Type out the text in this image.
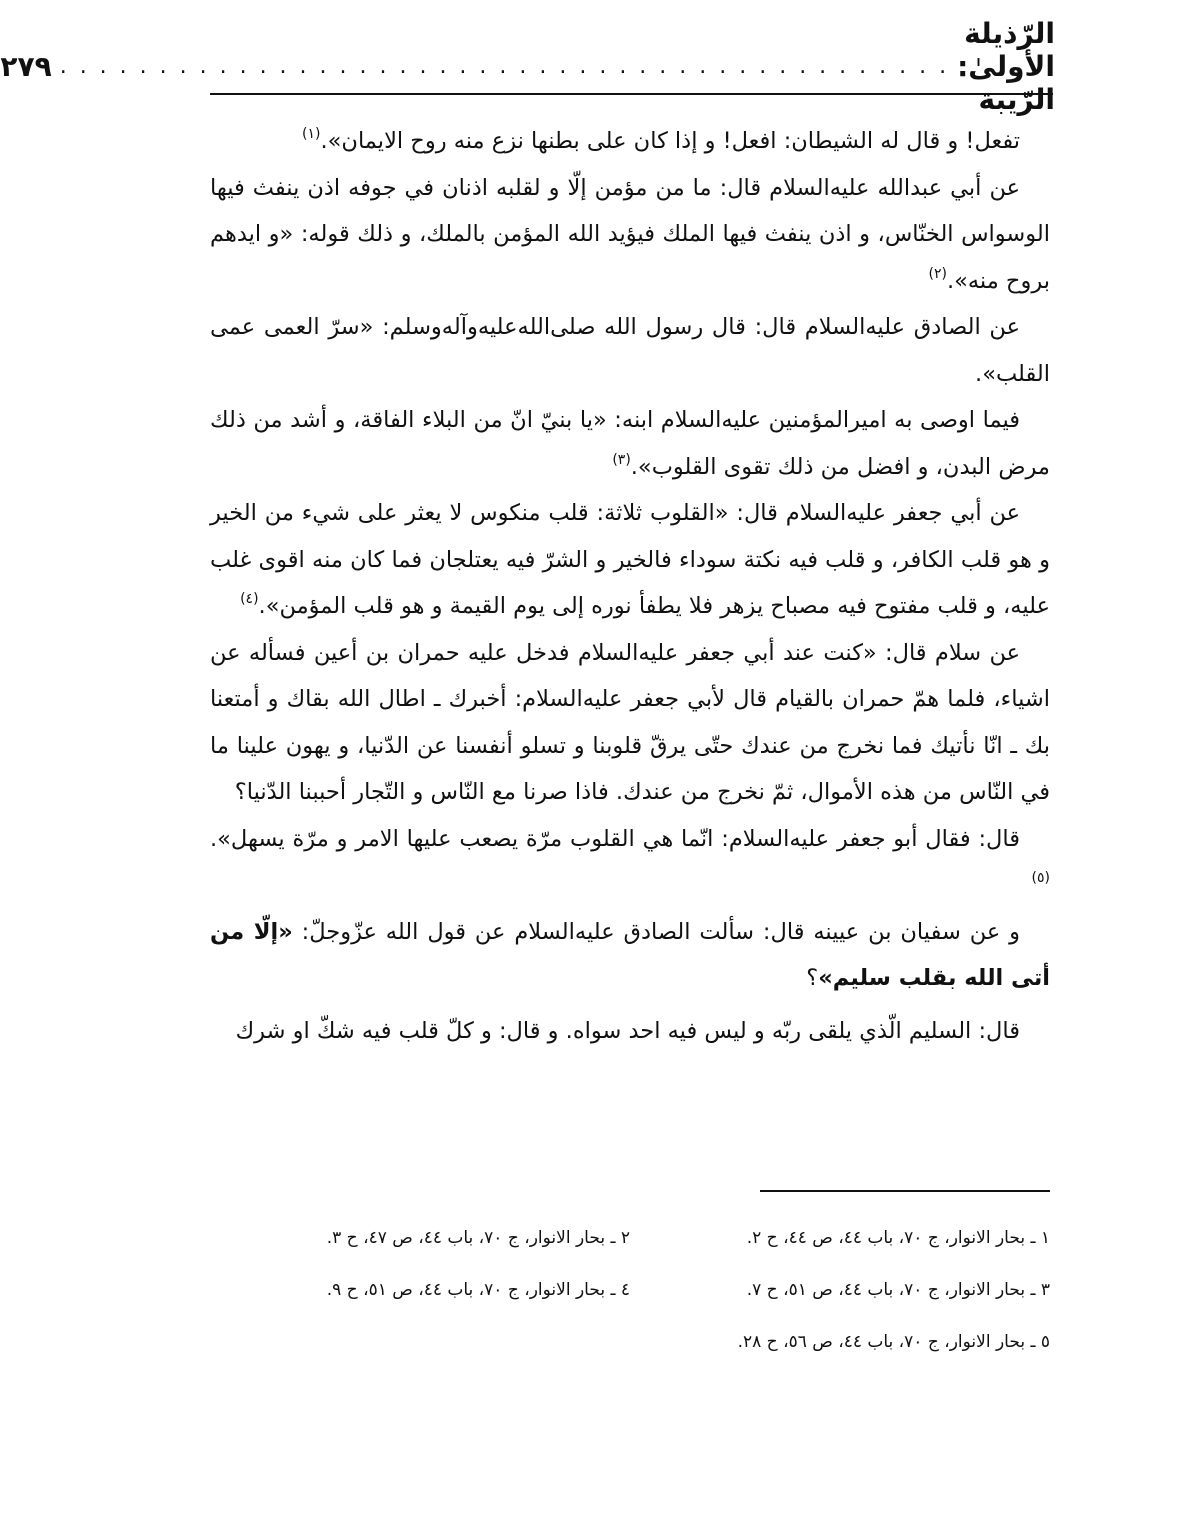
الرّذيلة الأولىٰ: الرّيبة
. . . . . . . . . . . . . . . . . . . . . . . . . . . . . . . . . . . . . . . . . . . . .
۲۷۹

تفعل! و قال له الشيطان: افعل! و إذا كان على بطنها نزع منه روح الايمان».$^{(١)}$

عن أبي عبدالله عليه‌السلام قال: ما من مؤمن إلّا و لقلبه اذنان في جوفه اذن ينفث فيها الوسواس الخنّاس، و اذن ينفث فيها الملك فيؤيد الله المؤمن بالملك، و ذلك قوله: «و ايدهم بروح منه».$^{(٢)}$

عن الصادق عليه‌السلام قال: قال رسول الله صلى‌الله‌عليه‌وآله‌وسلم: «سرّ العمى عمى القلب».

فيما اوصى به اميرالمؤمنين عليه‌السلام ابنه: «يا بنيّ انّ من البلاء الفاقة، و أشد من ذلك مرض البدن، و افضل من ذلك تقوى القلوب».$^{(٣)}$

عن أبي جعفر عليه‌السلام قال: «القلوب ثلاثة: قلب منكوس لا يعثر على شيء من الخير و هو قلب الكافر، و قلب فيه نكتة سوداء فالخير و الشرّ فيه يعتلجان فما كان منه اقوى غلب عليه، و قلب مفتوح فيه مصباح يزهر فلا يطفأ نوره إلى يوم القيمة و هو قلب المؤمن».$^{(٤)}$

عن سلام قال: «كنت عند أبي جعفر عليه‌السلام فدخل عليه حمران بن أعين فسأله عن اشياء، فلما همّ حمران بالقيام قال لأبي جعفر عليه‌السلام: أخبرك ـ اطال الله بقاك و أمتعنا بك ـ انّا نأتيك فما نخرج من عندك حتّى يرقّ قلوبنا و تسلو أنفسنا عن الدّنيا، و يهون علينا ما في النّاس من هذه الأموال، ثمّ نخرج من عندك. فاذا صرنا مع النّاس و التّجار أحببنا الدّنيا؟

قال: فقال أبو جعفر عليه‌السلام: انّما هي القلوب مرّة يصعب عليها الامر و مرّة يسهل».$^{(٥)}$

و عن سفيان بن عيينه قال: سألت الصادق عليه‌السلام عن قول الله عزّوجلّ: «إلّا من أتى الله بقلب سليم»؟

قال: السليم الّذي يلقى ربّه و ليس فيه احد سواه. و قال: و كلّ قلب فيه شكّ او شرك

١ ـ بحار الانوار، ج ٧٠، باب ٤٤، ص ٤٤، ح ٢.
٢ ـ بحار الانوار، ج ٧٠، باب ٤٤، ص ٤٧، ح ٣.
٣ ـ بحار الانوار، ج ٧٠، باب ٤٤، ص ٥١، ح ٧.
٤ ـ بحار الانوار، ج ٧٠، باب ٤٤، ص ٥١، ح ٩.
٥ ـ بحار الانوار، ج ٧٠، باب ٤٤، ص ٥٦، ح ٢٨.
